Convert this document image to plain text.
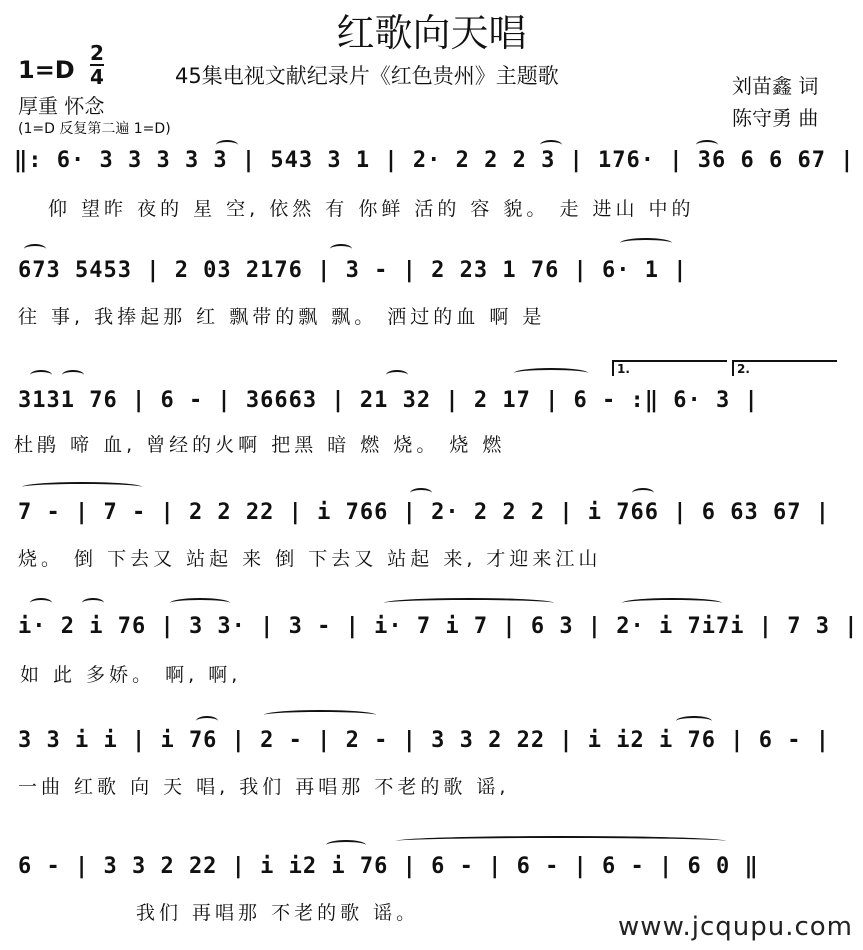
红歌向天唱
1=D
2
4	45集电视文献纪录片《红色贵州》主题歌
厚重 怀念
(1=D 反复第二遍 1=D)
刘苗鑫 词
陈守勇 曲
‖: 6· 3 3 3 3 3 | 543 3 1 | 2· 2 2 2 3 | 176· | 36 6 6 67 |
仰 望昨 夜的 星 空, 依然 有 你鲜 活的 容 貌。 走 进山 中的
673 5453 | 2 03 2176 | 3 - | 2 23 1 76 | 6· 1 |
往 事, 我捧起那 红 飘带的飘 飘。 洒过的血 啊 是
1.	2.
3131 76 | 6 - | 36663 | 21 32 | 2 17 | 6 - :‖ 6· 3 |
杜鹃 啼 血, 曾经的火啊 把黑 暗 燃 烧。 烧 燃
7 - | 7 - | 2 2 22 | i 766 | 2· 2 2 2 | i 766 | 6 63 67 |
烧。 倒 下去又 站起 来 倒 下去又 站起 来, 才迎来江山
i· 2 i 76 | 3 3· | 3 - | i· 7 i 7 | 6 3 | 2· i 7i7i | 7 3 |
如 此 多娇。 啊, 啊,
3 3 i i | i 76 | 2 - | 2 - | 3 3 2 22 | i i2 i 76 | 6 - |
一曲 红歌 向 天 唱, 我们 再唱那 不老的歌 谣,
6 - | 3 3 2 22 | i i2 i 76 | 6 - | 6 - | 6 - | 6 0 ‖
我们 再唱那 不老的歌 谣。	www.jcqupu.com
